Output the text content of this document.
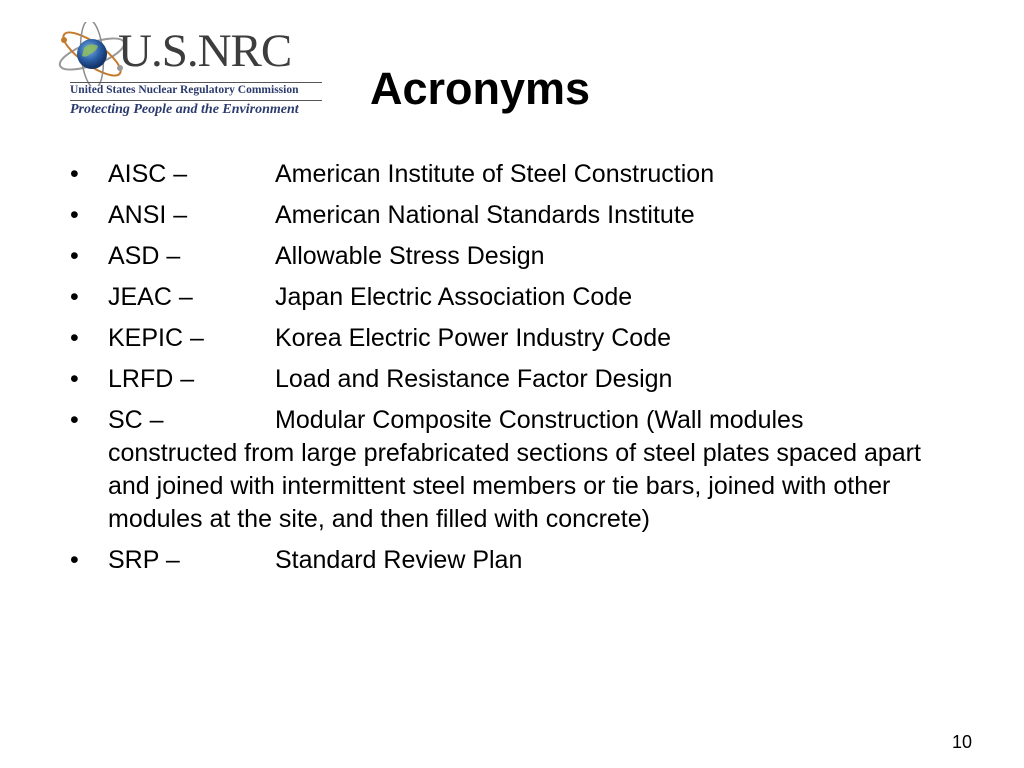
U.S.NRC
United States Nuclear Regulatory Commission
Protecting People and the Environment Acronyms
• AISC –	American Institute of Steel Construction
• ANSI –	American National Standards Institute
• ASD –	Allowable Stress Design
• JEAC –	Japan Electric Association Code
• KEPIC –	Korea Electric Power Industry Code
• LRFD –	Load and Resistance Factor Design
• SC –	Modular Composite Construction (Wall modules constructed from large prefabricated sections of steel plates spaced apart and joined with intermittent steel members or tie bars, joined with other modules at the site, and then filled with concrete)
• SRP –	Standard Review Plan
10
